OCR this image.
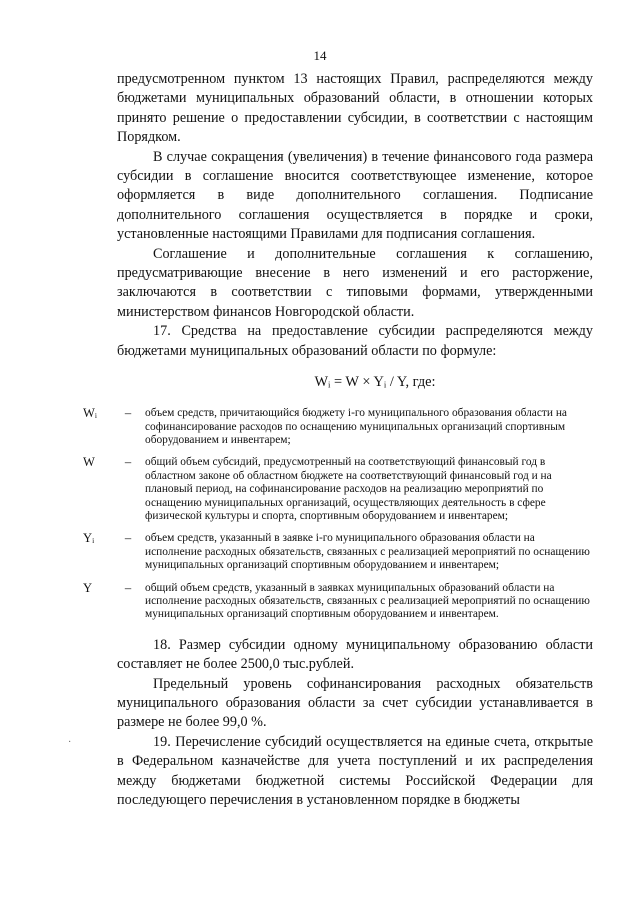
14
·

предусмотренном пунктом 13 настоящих Правил, распределяются между бюджетами муниципальных образований области, в отношении которых принято решение о предоставлении субсидии, в соответствии с настоящим Порядком.

В случае сокращения (увеличения) в течение финансового года размера субсидии в соглашение вносится соответствующее изменение, которое оформляется в виде дополнительного соглашения. Подписание дополнительного соглашения осуществляется в порядке и сроки, установленные настоящими Правилами для подписания соглашения.

Соглашение и дополнительные соглашения к соглашению, предусматривающие внесение в него изменений и его расторжение, заключаются в соответствии с типовыми формами, утвержденными министерством финансов Новгородской области.

17. Средства на предоставление субсидии распределяются между бюджетами муниципальных образований области по формуле:

Wᵢ = W × Yᵢ / Y, где:
Wᵢ	–	объем средств, причитающийся бюджету i-го муниципального образования области на софинансирование расходов по оснащению муниципальных организаций спортивным оборудованием и инвентарем;
W	–	общий объем субсидий, предусмотренный на соответствующий финансовый год в областном законе об областном бюджете на соответствующий финансовый год и на плановый период, на софинансирование расходов на реализацию мероприятий по оснащению муниципальных организаций, осуществляющих деятельность в сфере физической культуры и спорта, спортивным оборудованием и инвентарем;
Yᵢ	–	объем средств, указанный в заявке i-го муниципального образования области на исполнение расходных обязательств, связанных с реализацией мероприятий по оснащению муниципальных организаций спортивным оборудованием и инвентарем;
Y	–	общий объем средств, указанный в заявках муниципальных образований области на исполнение расходных обязательств, связанных с реализацией мероприятий по оснащению муниципальных организаций спортивным оборудованием и инвентарем.

18. Размер субсидии одному муниципальному образованию области составляет не более 2500,0 тыс.рублей.

Предельный уровень софинансирования расходных обязательств муниципального образования области за счет субсидии устанавливается в размере не более 99,0 %.

19. Перечисление субсидий осуществляется на единые счета, открытые в Федеральном казначействе для учета поступлений и их распределения между бюджетами бюджетной системы Российской Федерации для последующего перечисления в установленном порядке в бюджеты
